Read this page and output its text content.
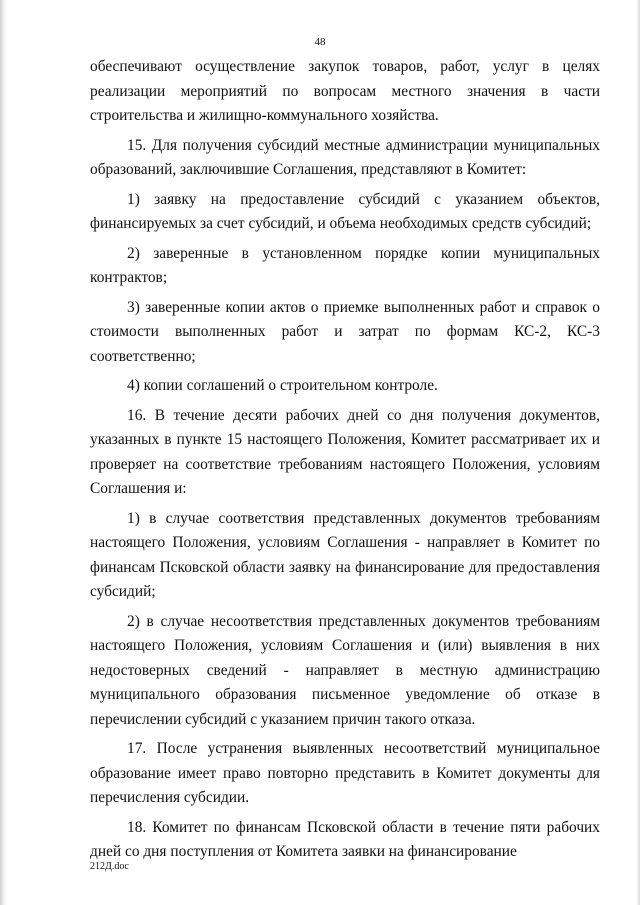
48

обеспечивают осуществление закупок товаров, работ, услуг в целях реализации мероприятий по вопросам местного значения в части строительства и жилищно-коммунального хозяйства.

15. Для получения субсидий местные администрации муниципальных образований, заключившие Соглашения, представляют в Комитет:

1) заявку на предоставление субсидий с указанием объектов, финансируемых за счет субсидий, и объема необходимых средств субсидий;

2) заверенные в установленном порядке копии муниципальных контрактов;

3) заверенные копии актов о приемке выполненных работ и справок о стоимости выполненных работ и затрат по формам КС-2, КС-3 соответственно;

4) копии соглашений о строительном контроле.

16. В течение десяти рабочих дней со дня получения документов, указанных в пункте 15 настоящего Положения, Комитет рассматривает их и проверяет на соответствие требованиям настоящего Положения, условиям Соглашения и:

1) в случае соответствия представленных документов требованиям настоящего Положения, условиям Соглашения - направляет в Комитет по финансам Псковской области заявку на финансирование для предоставления субсидий;

2) в случае несоответствия представленных документов требованиям настоящего Положения, условиям Соглашения и (или) выявления в них недостоверных сведений - направляет в местную администрацию муниципального образования письменное уведомление об отказе в перечислении субсидий с указанием причин такого отказа.

17. После устранения выявленных несоответствий муниципальное образование имеет право повторно представить в Комитет документы для перечисления субсидии.

18. Комитет по финансам Псковской области в течение пяти рабочих дней со дня поступления от Комитета заявки на финансирование

212Д.doc
